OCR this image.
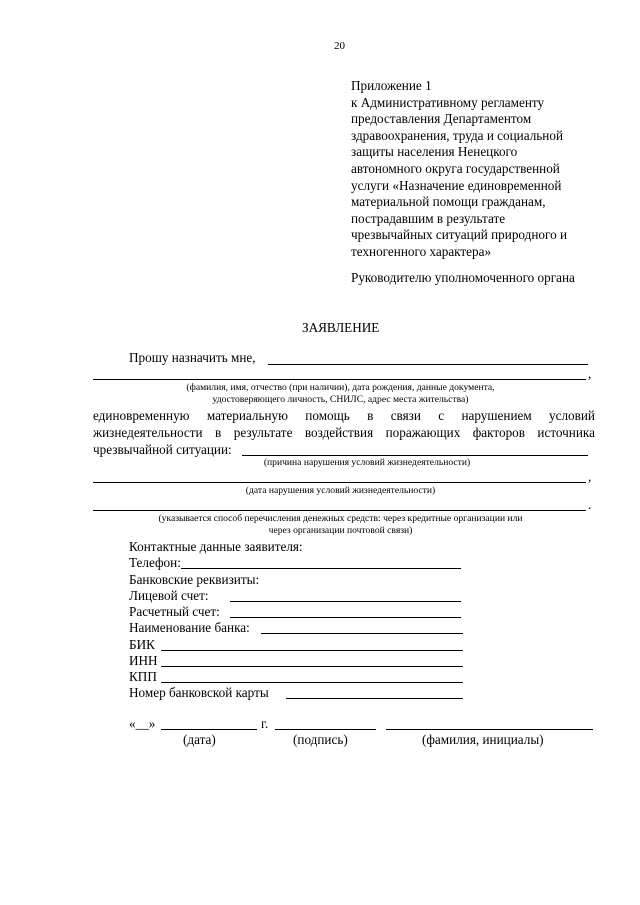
20
Приложение 1
к Административному регламенту
предоставления Департаментом
здравоохранения, труда и социальной
защиты населения Ненецкого
автономного округа государственной
услуги «Назначение единовременной
материальной помощи гражданам,
пострадавшим в результате
чрезвычайных ситуаций природного и
техногенного характера»
Руководителю уполномоченного органа
ЗАЯВЛЕНИЕ
Прошу назначить мне,
,
(фамилия, имя, отчество (при наличии), дата рождения, данные документа,
удостоверяющего личность, СНИЛС, адрес места жительства)
единовременную материальную помощь в связи с нарушением условий
жизнедеятельности в результате воздействия поражающих факторов источника
чрезвычайной ситуации:
(причина нарушения условий жизнедеятельности)
,
(дата нарушения условий жизнедеятельности)
.
(указывается способ перечисления денежных средств: через кредитные организации или
через организации почтовой связи)
Контактные данные заявителя:
Телефон:
Банковские реквизиты:
Лицевой счет:
Расчетный счет:
Наименование банка:
БИК
ИНН
КПП
Номер банковской карты
«__»	г.
(дата)	(подпись)	(фамилия, инициалы)
